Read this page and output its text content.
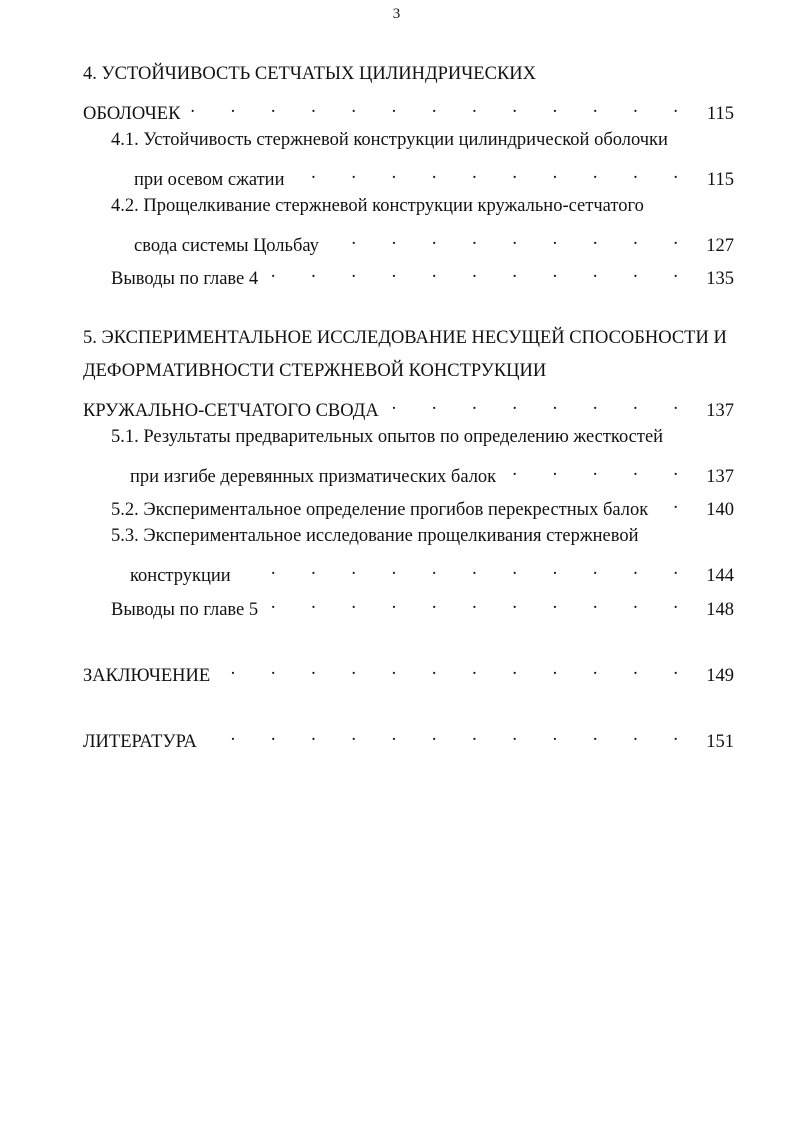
3
4. УСТОЙЧИВОСТЬ СЕТЧАТЫХ ЦИЛИНДРИЧЕСКИХ
ОБОЛОЧЕК . . .	115
4.1. Устойчивость стержневой конструкции цилиндрической оболочки
при осевом сжатии . . .	115
4.2. Прощелкивание стержневой конструкции кружально-сетчатого
свода системы Цольбау . . .	127
Выводы по главе 4 . . .	135
5. ЭКСПЕРИМЕНТАЛЬНОЕ ИССЛЕДОВАНИЕ НЕСУЩЕЙ СПОСОБНОСТИ И
ДЕФОРМАТИВНОСТИ СТЕРЖНЕВОЙ КОНСТРУКЦИИ
КРУЖАЛЬНО-СЕТЧАТОГО СВОДА . . .	137
5.1. Результаты предварительных опытов по определению жесткостей
при изгибе деревянных призматических балок . . .	137
5.2. Экспериментальное определение прогибов перекрестных балок . . .	140
5.3. Экспериментальное исследование прощелкивания стержневой
конструкции . . .	144
Выводы по главе 5 . . .	148
ЗАКЛЮЧЕНИЕ . . .	149
ЛИТЕРАТУРА . . .	151
